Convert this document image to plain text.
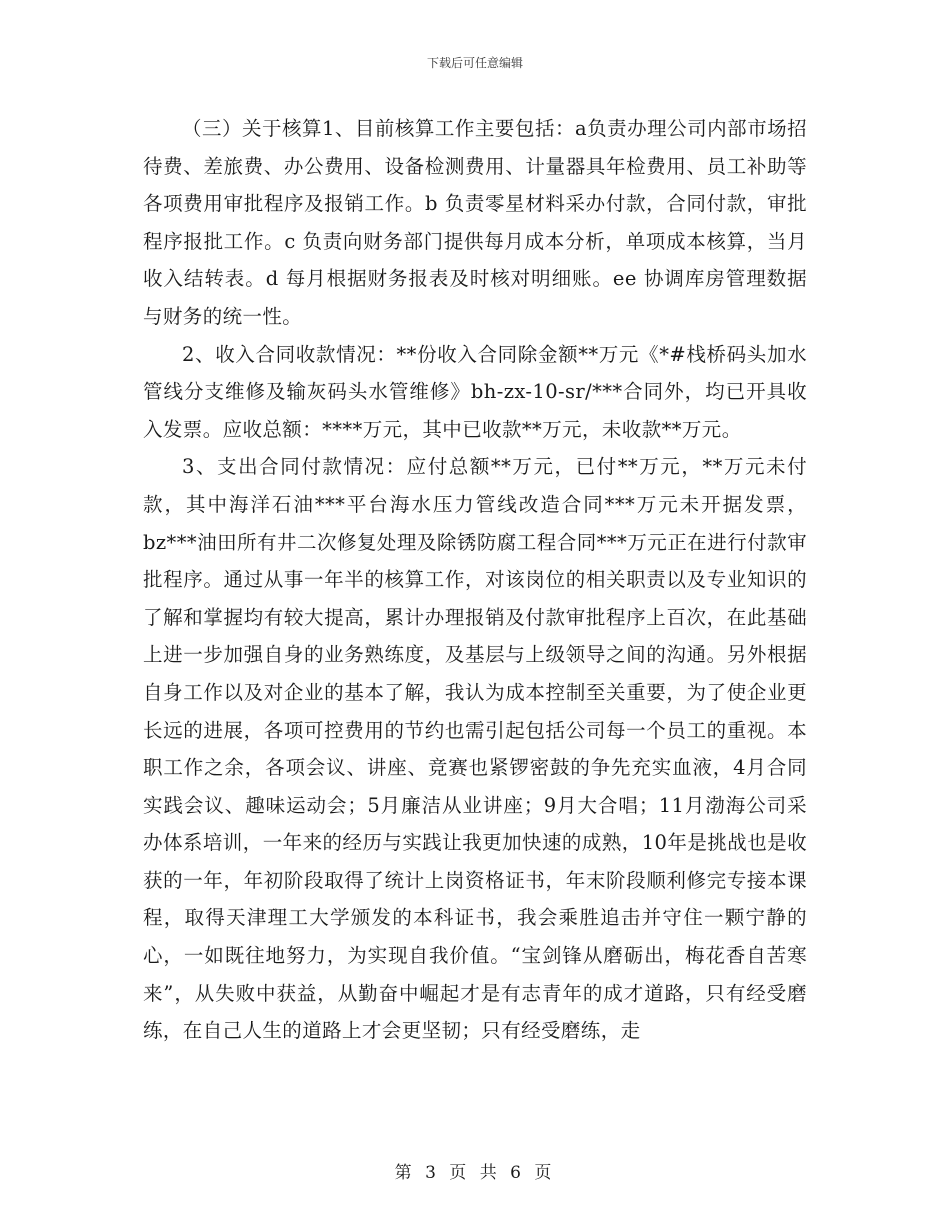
下载后可任意编辑

（三）关于核算1、目前核算工作主要包括：a负责办理公司内部市场招待费、差旅费、办公费用、设备检测费用、计量器具年检费用、员工补助等各项费用审批程序及报销工作。b 负责零星材料采办付款，合同付款，审批程序报批工作。c 负责向财务部门提供每月成本分析，单项成本核算，当月收入结转表。d 每月根据财务报表及时核对明细账。ee 协调库房管理数据与财务的统一性。

2、收入合同收款情况：**份收入合同除金额**万元《*#栈桥码头加水管线分支维修及输灰码头水管维修》bh-zx-10-sr/***合同外，均已开具收入发票。应收总额：****万元，其中已收款**万元，未收款**万元。

3、支出合同付款情况：应付总额**万元，已付**万元，**万元未付款，其中海洋石油***平台海水压力管线改造合同***万元未开据发票，bz***油田所有井二次修复处理及除锈防腐工程合同***万元正在进行付款审批程序。通过从事一年半的核算工作，对该岗位的相关职责以及专业知识的了解和掌握均有较大提高，累计办理报销及付款审批程序上百次，在此基础上进一步加强自身的业务熟练度，及基层与上级领导之间的沟通。另外根据自身工作以及对企业的基本了解，我认为成本控制至关重要，为了使企业更长远的进展，各项可控费用的节约也需引起包括公司每一个员工的重视。本职工作之余，各项会议、讲座、竞赛也紧锣密鼓的争先充实血液，4月合同实践会议、趣味运动会；5月廉洁从业讲座；9月大合唱；11月渤海公司采办体系培训，一年来的经历与实践让我更加快速的成熟，10年是挑战也是收获的一年，年初阶段取得了统计上岗资格证书，年末阶段顺利修完专接本课程，取得天津理工大学颁发的本科证书，我会乘胜追击并守住一颗宁静的心，一如既往地努力，为实现自我价值。“宝剑锋从磨砺出，梅花香自苦寒来”，从失败中获益，从勤奋中崛起才是有志青年的成才道路，只有经受磨练，在自己人生的道路上才会更坚韧；只有经受磨练，走

第 3 页 共 6 页
